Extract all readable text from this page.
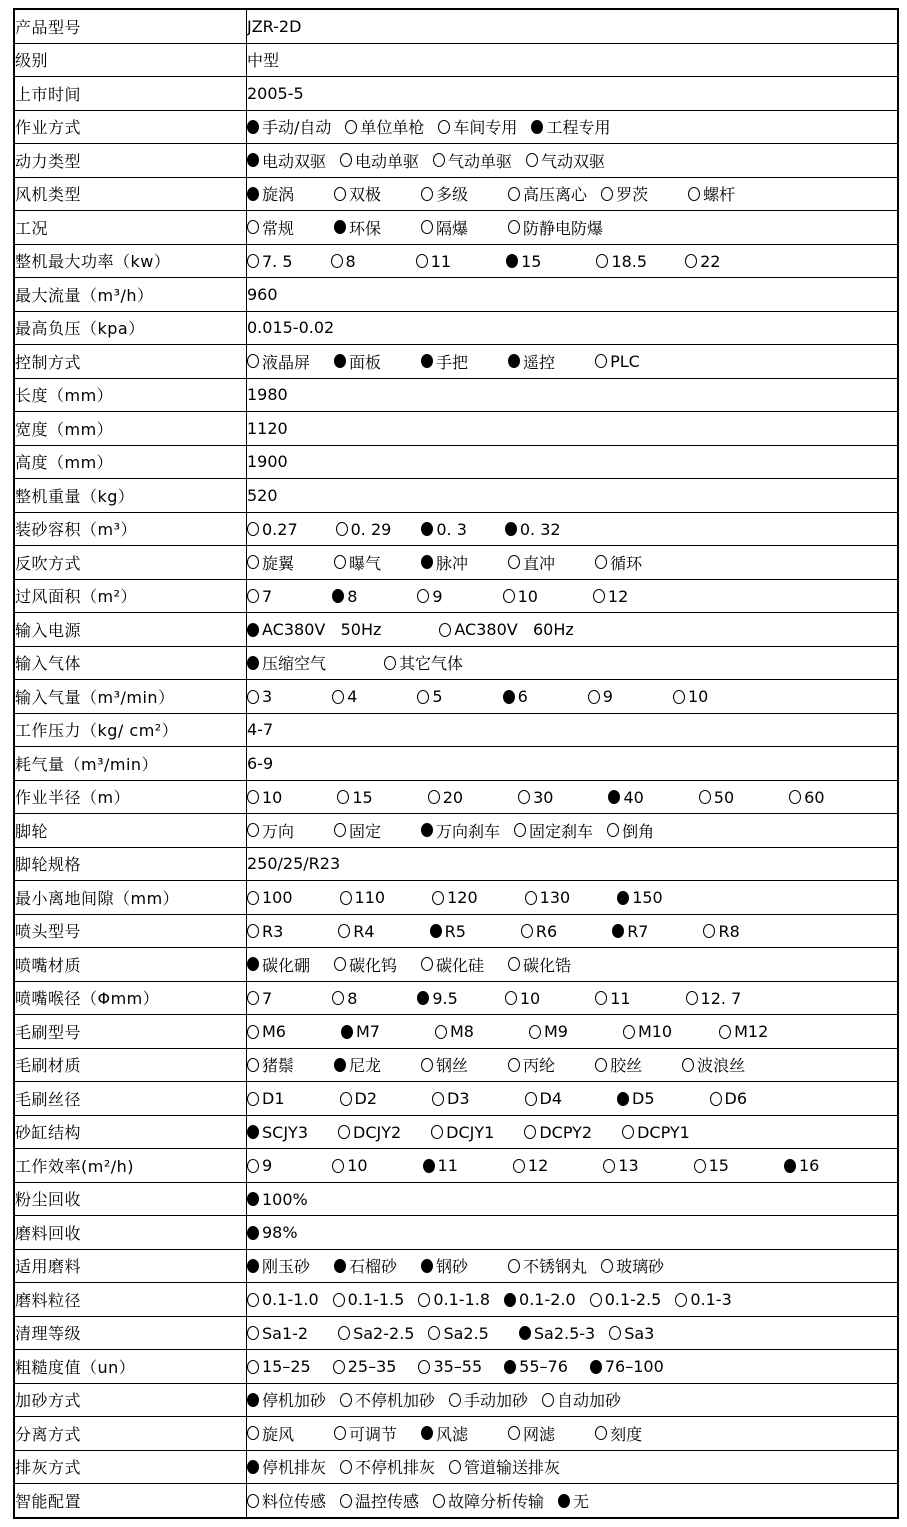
产品型号	JZR-2D
级别	中型
上市时间	2005-5
作业方式	手动/自动 单位单枪 车间专用 工程专用

动力类型	电动双驱 电动单驱 气动单驱 气动双驱

风机类型	旋涡	双极	多级	高压离心 罗茨	螺杆

工况	常规 环保 隔爆 防静电防爆

整机最大功率（kw）	7. 5	8	11	15	18.5	22

最大流量（m³/h）	960
最高负压（kpa）	0.015-0.02
控制方式	液晶屏 面板 手把 遥控 PLC

长度（mm）	1980
宽度（mm）	1120
高度（mm）	1900
整机重量（kg）	520
装砂容积（m³）	0.27 0. 29 0. 3 0. 32

反吹方式	旋翼 曝气 脉冲 直冲 循环

过风面积（m²）	7 8 9 10 12

输入电源	AC380V   50Hz AC380V   60Hz

输入气体	压缩空气 其它气体

输入气量（m³/min）	3	4	5	6	9	10

工作压力（kg/ cm²）	4-7
耗气量（m³/min）	6-9
作业半径（m）	10	15	20	30	40	50	60

脚轮	万向 固定 万向刹车 固定刹车 倒角

脚轮规格	250/25/R23
最小离地间隙（mm）	100 110 120 130 150

喷头型号	R3	R4	R5	R6	R7	R8

喷嘴材质	碳化硼 碳化钨 碳化硅 碳化锆

喷嘴喉径（Φmm）	7	8	9.5	10	11	12. 7

毛刷型号	M6	M7	M8	M9	M10	M12

毛刷材质	猪鬃	尼龙	钢丝	丙纶	胶丝	波浪丝

毛刷丝径	D1	D2	D3	D4	D5	D6

砂缸结构	SCJY3 DCJY2 DCJY1 DCPY2 DCPY1

工作效率(m²/h)	9	10	11	12	13	15	16

粉尘回收	100%

磨料回收	98%

适用磨料	刚玉砂 石榴砂 钢砂 不锈钢丸 玻璃砂

磨料粒径	0.1-1.0 0.1-1.5 0.1-1.8 0.1-2.0 0.1-2.5 0.1-3

清理等级	Sa1-2 Sa2-2.5 Sa2.5 Sa2.5-3 Sa3

粗糙度值（un）	15–25 25–35 35–55 55–76 76–100

加砂方式	停机加砂 不停机加砂 手动加砂 自动加砂

分离方式	旋风 可调节 风滤 网滤 刻度

排灰方式	停机排灰 不停机排灰 管道输送排灰

智能配置	料位传感 温控传感 故障分析传输 无
